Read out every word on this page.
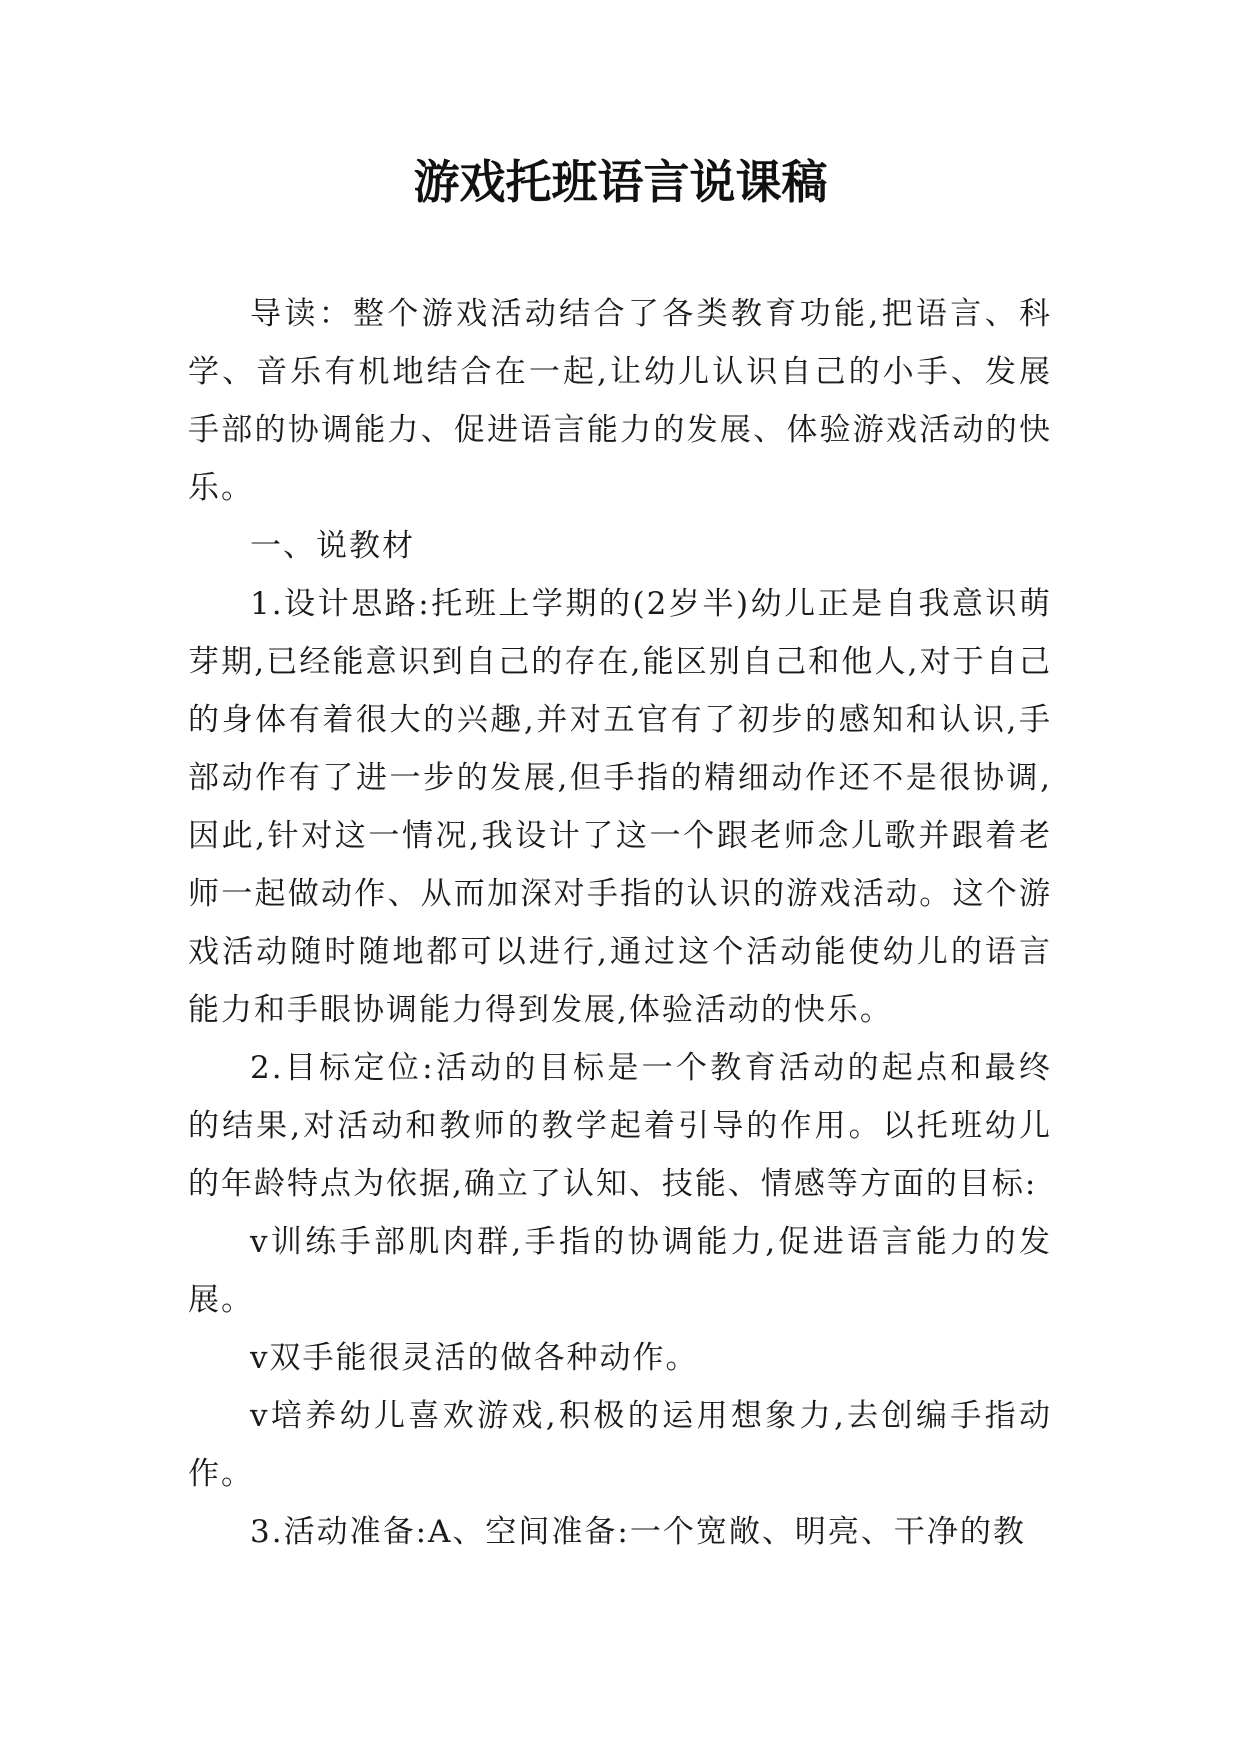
游戏托班语言说课稿

导读：整个游戏活动结合了各类教育功能,把语言、科学、音乐有机地结合在一起,让幼儿认识自己的小手、发展手部的协调能力、促进语言能力的发展、体验游戏活动的快乐。

一、说教材

1.设计思路:托班上学期的(2岁半)幼儿正是自我意识萌芽期,已经能意识到自己的存在,能区别自己和他人,对于自己的身体有着很大的兴趣,并对五官有了初步的感知和认识,手部动作有了进一步的发展,但手指的精细动作还不是很协调,因此,针对这一情况,我设计了这一个跟老师念儿歌并跟着老师一起做动作、从而加深对手指的认识的游戏活动。这个游戏活动随时随地都可以进行,通过这个活动能使幼儿的语言能力和手眼协调能力得到发展,体验活动的快乐。

2.目标定位:活动的目标是一个教育活动的起点和最终的结果,对活动和教师的教学起着引导的作用。以托班幼儿的年龄特点为依据,确立了认知、技能、情感等方面的目标:

v训练手部肌肉群,手指的协调能力,促进语言能力的发展。

v双手能很灵活的做各种动作。

v培养幼儿喜欢游戏,积极的运用想象力,去创编手指动作。

3.活动准备:A、空间准备:一个宽敞、明亮、干净的教
